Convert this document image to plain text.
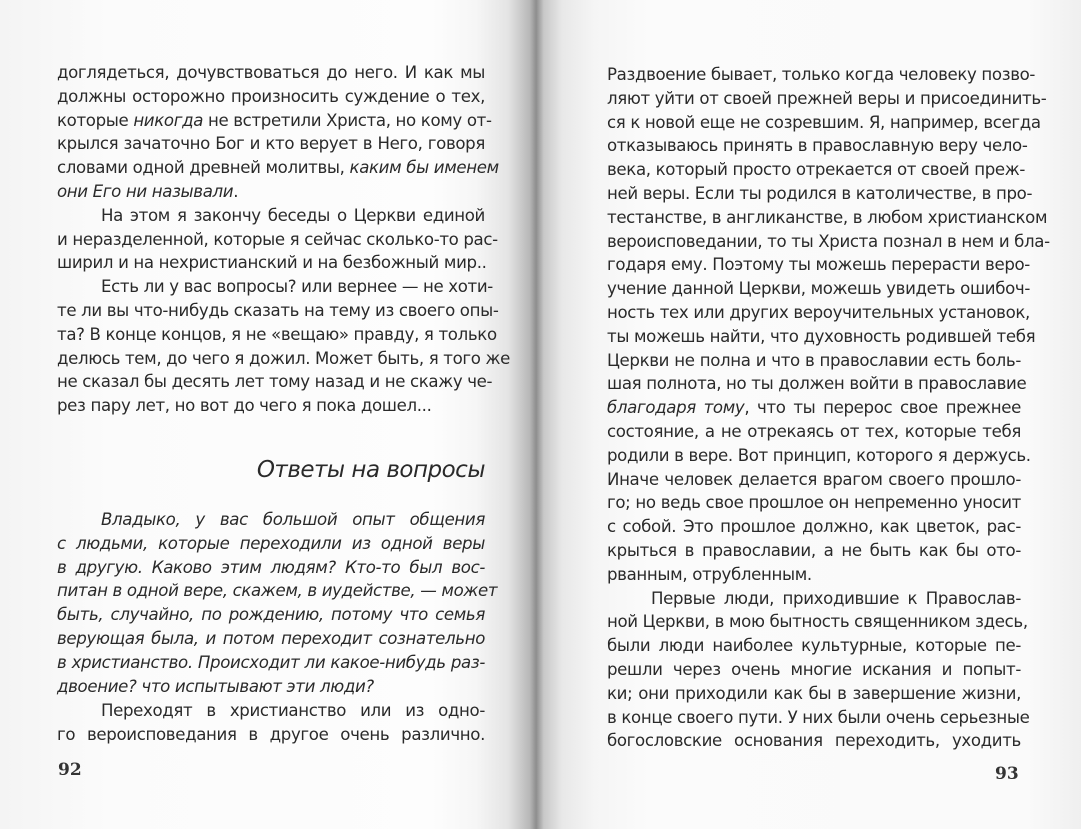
доглядеться, дочувствоваться до него. И как мы
должны осторожно произносить суждение о тех,
которые никогда не встретили Христа, но кому от-
крылся зачаточно Бог и кто верует в Него, говоря
словами одной древней молитвы, каким бы именем
они Его ни называли.
На этом я закончу беседы о Церкви единой
и неразделенной, которые я сейчас сколько-то рас-
ширил и на нехристианский и на безбожный мир..
Есть ли у вас вопросы? или вернее — не хоти-
те ли вы что-нибудь сказать на тему из своего опы-
та? В конце концов, я не «вещаю» правду, я только
делюсь тем, до чего я дожил. Может быть, я того же
не сказал бы десять лет тому назад и не скажу че-
рез пару лет, но вот до чего я пока дошел...
Ответы на вопросы
Владыко, у вас большой опыт общения
с людьми, которые переходили из одной веры
в другую. Каково этим людям? Кто-то был вос-
питан в одной вере, скажем, в иудействе, — может
быть, случайно, по рождению, потому что семья
верующая была, и потом переходит сознательно
в христианство. Происходит ли какое-нибудь раз-
двоение? что испытывают эти люди?
Переходят в христианство или из одно-
го вероисповедания в другое очень различно.
92
Раздвоение бывает, только когда человеку позво-
ляют уйти от своей прежней веры и присоединить-
ся к новой еще не созревшим. Я, например, всегда
отказываюсь принять в православную веру чело-
века, который просто отрекается от своей преж-
ней веры. Если ты родился в католичестве, в про-
тестанстве, в англиканстве, в любом христианском
вероисповедании, то ты Христа познал в нем и бла-
годаря ему. Поэтому ты можешь перерасти веро-
учение данной Церкви, можешь увидеть ошибоч-
ность тех или других вероучительных установок,
ты можешь найти, что духовность родившей тебя
Церкви не полна и что в православии есть боль-
шая полнота, но ты должен войти в православие
благодаря тому, что ты перерос свое прежнее
состояние, а не отрекаясь от тех, которые тебя
родили в вере. Вот принцип, которого я держусь.
Иначе человек делается врагом своего прошло-
го; но ведь свое прошлое он непременно уносит
с собой. Это прошлое должно, как цветок, рас-
крыться в православии, а не быть как бы ото-
рванным, отрубленным.
Первые люди, приходившие к Православ-
ной Церкви, в мою бытность священником здесь,
были люди наиболее культурные, которые пе-
решли через очень многие искания и попыт-
ки; они приходили как бы в завершение жизни,
в конце своего пути. У них были очень серьезные
богословские основания переходить, уходить
93
